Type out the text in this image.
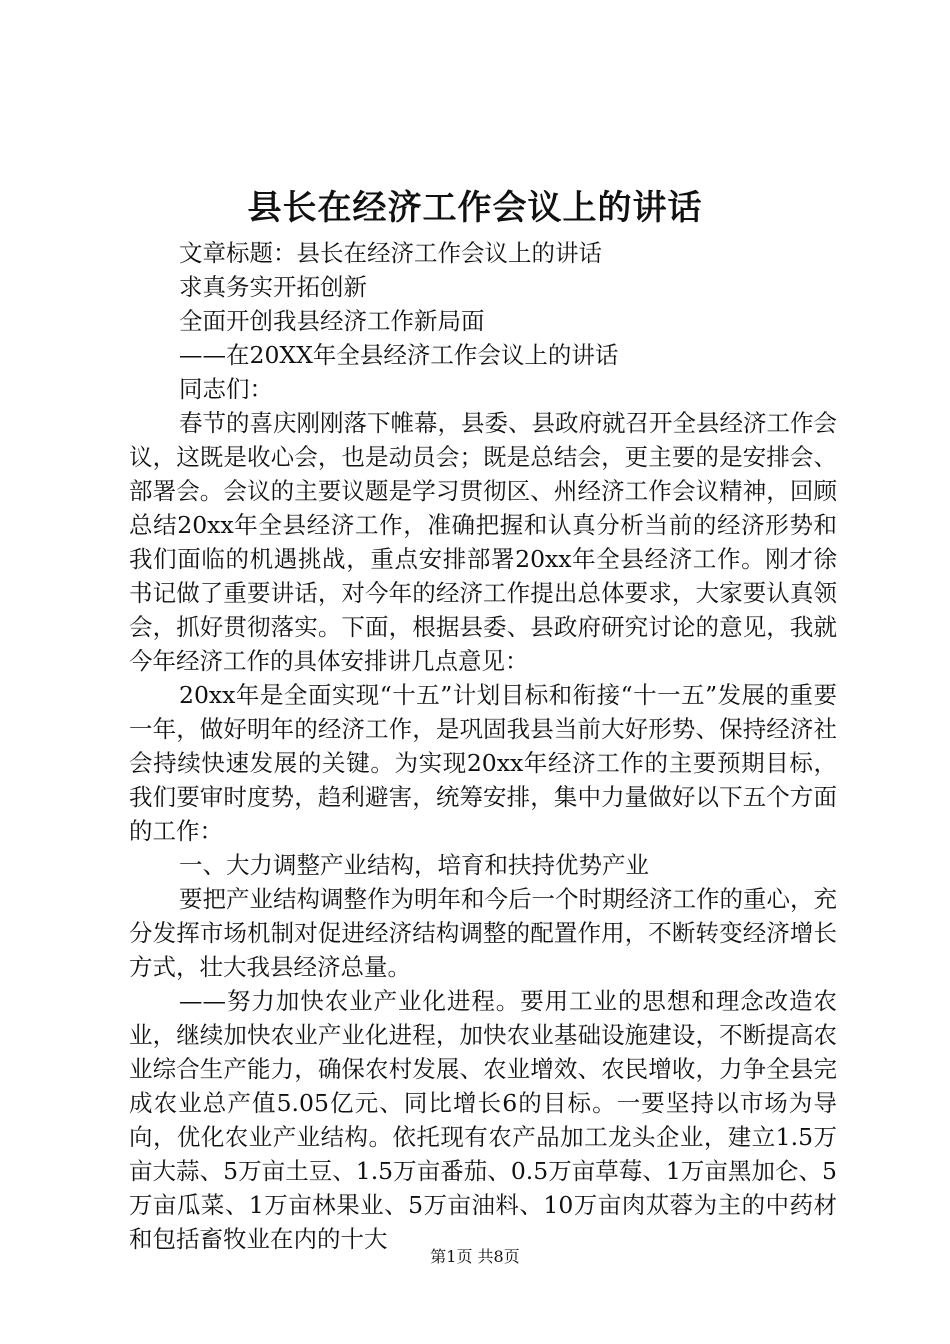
县长在经济工作会议上的讲话

文章标题：县长在经济工作会议上的讲话

求真务实开拓创新

全面开创我县经济工作新局面

——在20XX年全县经济工作会议上的讲话

同志们：

春节的喜庆刚刚落下帷幕，县委、县政府就召开全县经济工作会议，这既是收心会，也是动员会；既是总结会，更主要的是安排会、部署会。会议的主要议题是学习贯彻区、州经济工作会议精神，回顾总结20xx年全县经济工作，准确把握和认真分析当前的经济形势和我们面临的机遇挑战，重点安排部署20xx年全县经济工作。刚才徐书记做了重要讲话，对今年的经济工作提出总体要求，大家要认真领会，抓好贯彻落实。下面，根据县委、县政府研究讨论的意见，我就今年经济工作的具体安排讲几点意见：

20xx年是全面实现“十五”计划目标和衔接“十一五”发展的重要一年，做好明年的经济工作，是巩固我县当前大好形势、保持经济社会持续快速发展的关键。为实现20xx年经济工作的主要预期目标，我们要审时度势，趋利避害，统筹安排，集中力量做好以下五个方面的工作：

一、大力调整产业结构，培育和扶持优势产业

要把产业结构调整作为明年和今后一个时期经济工作的重心，充分发挥市场机制对促进经济结构调整的配置作用，不断转变经济增长方式，壮大我县经济总量。

——努力加快农业产业化进程。要用工业的思想和理念改造农业，继续加快农业产业化进程，加快农业基础设施建设，不断提高农业综合生产能力，确保农村发展、农业增效、农民增收，力争全县完成农业总产值5.05亿元、同比增长6的目标。一要坚持以市场为导向，优化农业产业结构。依托现有农产品加工龙头企业，建立1.5万亩大蒜、5万亩土豆、1.5万亩番茄、0.5万亩草莓、1万亩黑加仑、5万亩瓜菜、1万亩林果业、5万亩油料、10万亩肉苁蓉为主的中药材和包括畜牧业在内的十大

第1页 共8页
